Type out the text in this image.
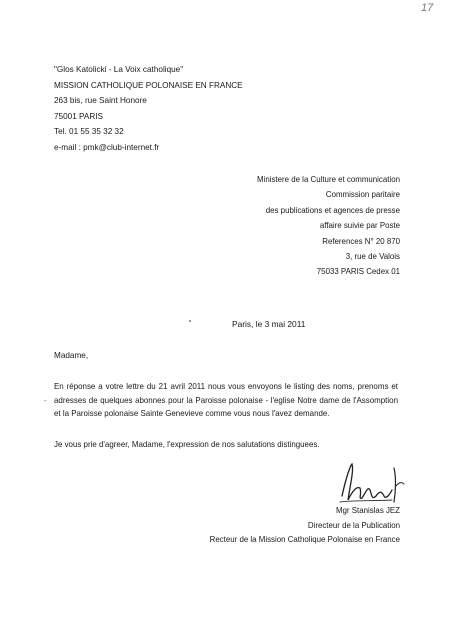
17
"Glos Katolicki - La Voix catholique"
MISSION CATHOLIQUE POLONAISE EN FRANCE
263 bis, rue Saint Honore
75001 PARIS
Tel. 01 55 35 32 32
e-mail : pmk@club-internet.fr
Ministere de la Culture et communication
Commission paritaire
des publications et agences de presse
affaire suivie par Poste
References N° 20 870
3, rue de Valois
75033 PARIS Cedex 01
Paris, le 3 mai 2011
Madame,
-
En réponse a votre lettre du 21 avril 2011 nous vous envoyons le listing des noms, prenoms et adresses de quelques abonnes pour la Paroisse polonaise - l'eglise Notre dame de l'Assomption et la Paroisse polonaise Sainte Genevieve comme vous nous l'avez demande.
Je vous prie d'agreer, Madame, l'expression de nos salutations distinguees.
Mgr Stanislas JEZ
Directeur de la Publication
Recteur de la Mission Catholique Polonaise en France
